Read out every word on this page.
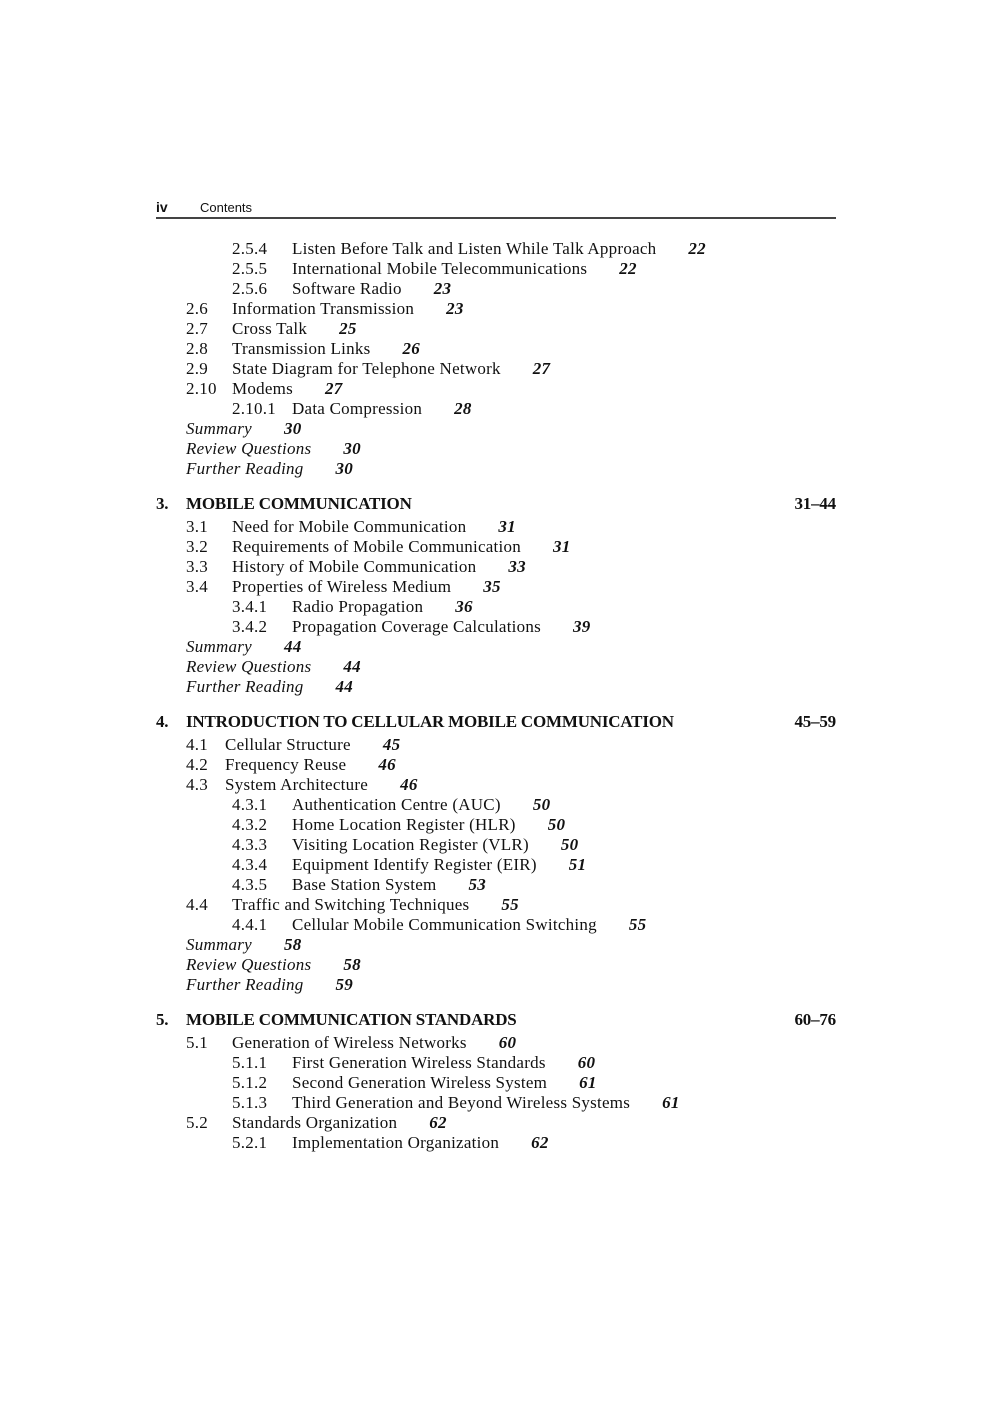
iv Contents
2.5.4 Listen Before Talk and Listen While Talk Approach 22
2.5.5 International Mobile Telecommunications 22
2.5.6 Software Radio 23
2.6 Information Transmission 23
2.7 Cross Talk 25
2.8 Transmission Links 26
2.9 State Diagram for Telephone Network 27
2.10 Modems 27
2.10.1 Data Compression 28
Summary 30
Review Questions 30
Further Reading 30
3. MOBILE COMMUNICATION	31–44
3.1 Need for Mobile Communication 31
3.2 Requirements of Mobile Communication 31
3.3 History of Mobile Communication 33
3.4 Properties of Wireless Medium 35
3.4.1 Radio Propagation 36
3.4.2 Propagation Coverage Calculations 39
Summary 44
Review Questions 44
Further Reading 44
4. INTRODUCTION TO CELLULAR MOBILE COMMUNICATION	45–59
4.1 Cellular Structure 45
4.2 Frequency Reuse 46
4.3 System Architecture 46
4.3.1 Authentication Centre (AUC) 50
4.3.2 Home Location Register (HLR) 50
4.3.3 Visiting Location Register (VLR) 50
4.3.4 Equipment Identify Register (EIR) 51
4.3.5 Base Station System 53
4.4 Traffic and Switching Techniques 55
4.4.1 Cellular Mobile Communication Switching 55
Summary 58
Review Questions 58
Further Reading 59
5. MOBILE COMMUNICATION STANDARDS	60–76
5.1 Generation of Wireless Networks 60
5.1.1 First Generation Wireless Standards 60
5.1.2 Second Generation Wireless System 61
5.1.3 Third Generation and Beyond Wireless Systems 61
5.2 Standards Organization 62
5.2.1 Implementation Organization 62
